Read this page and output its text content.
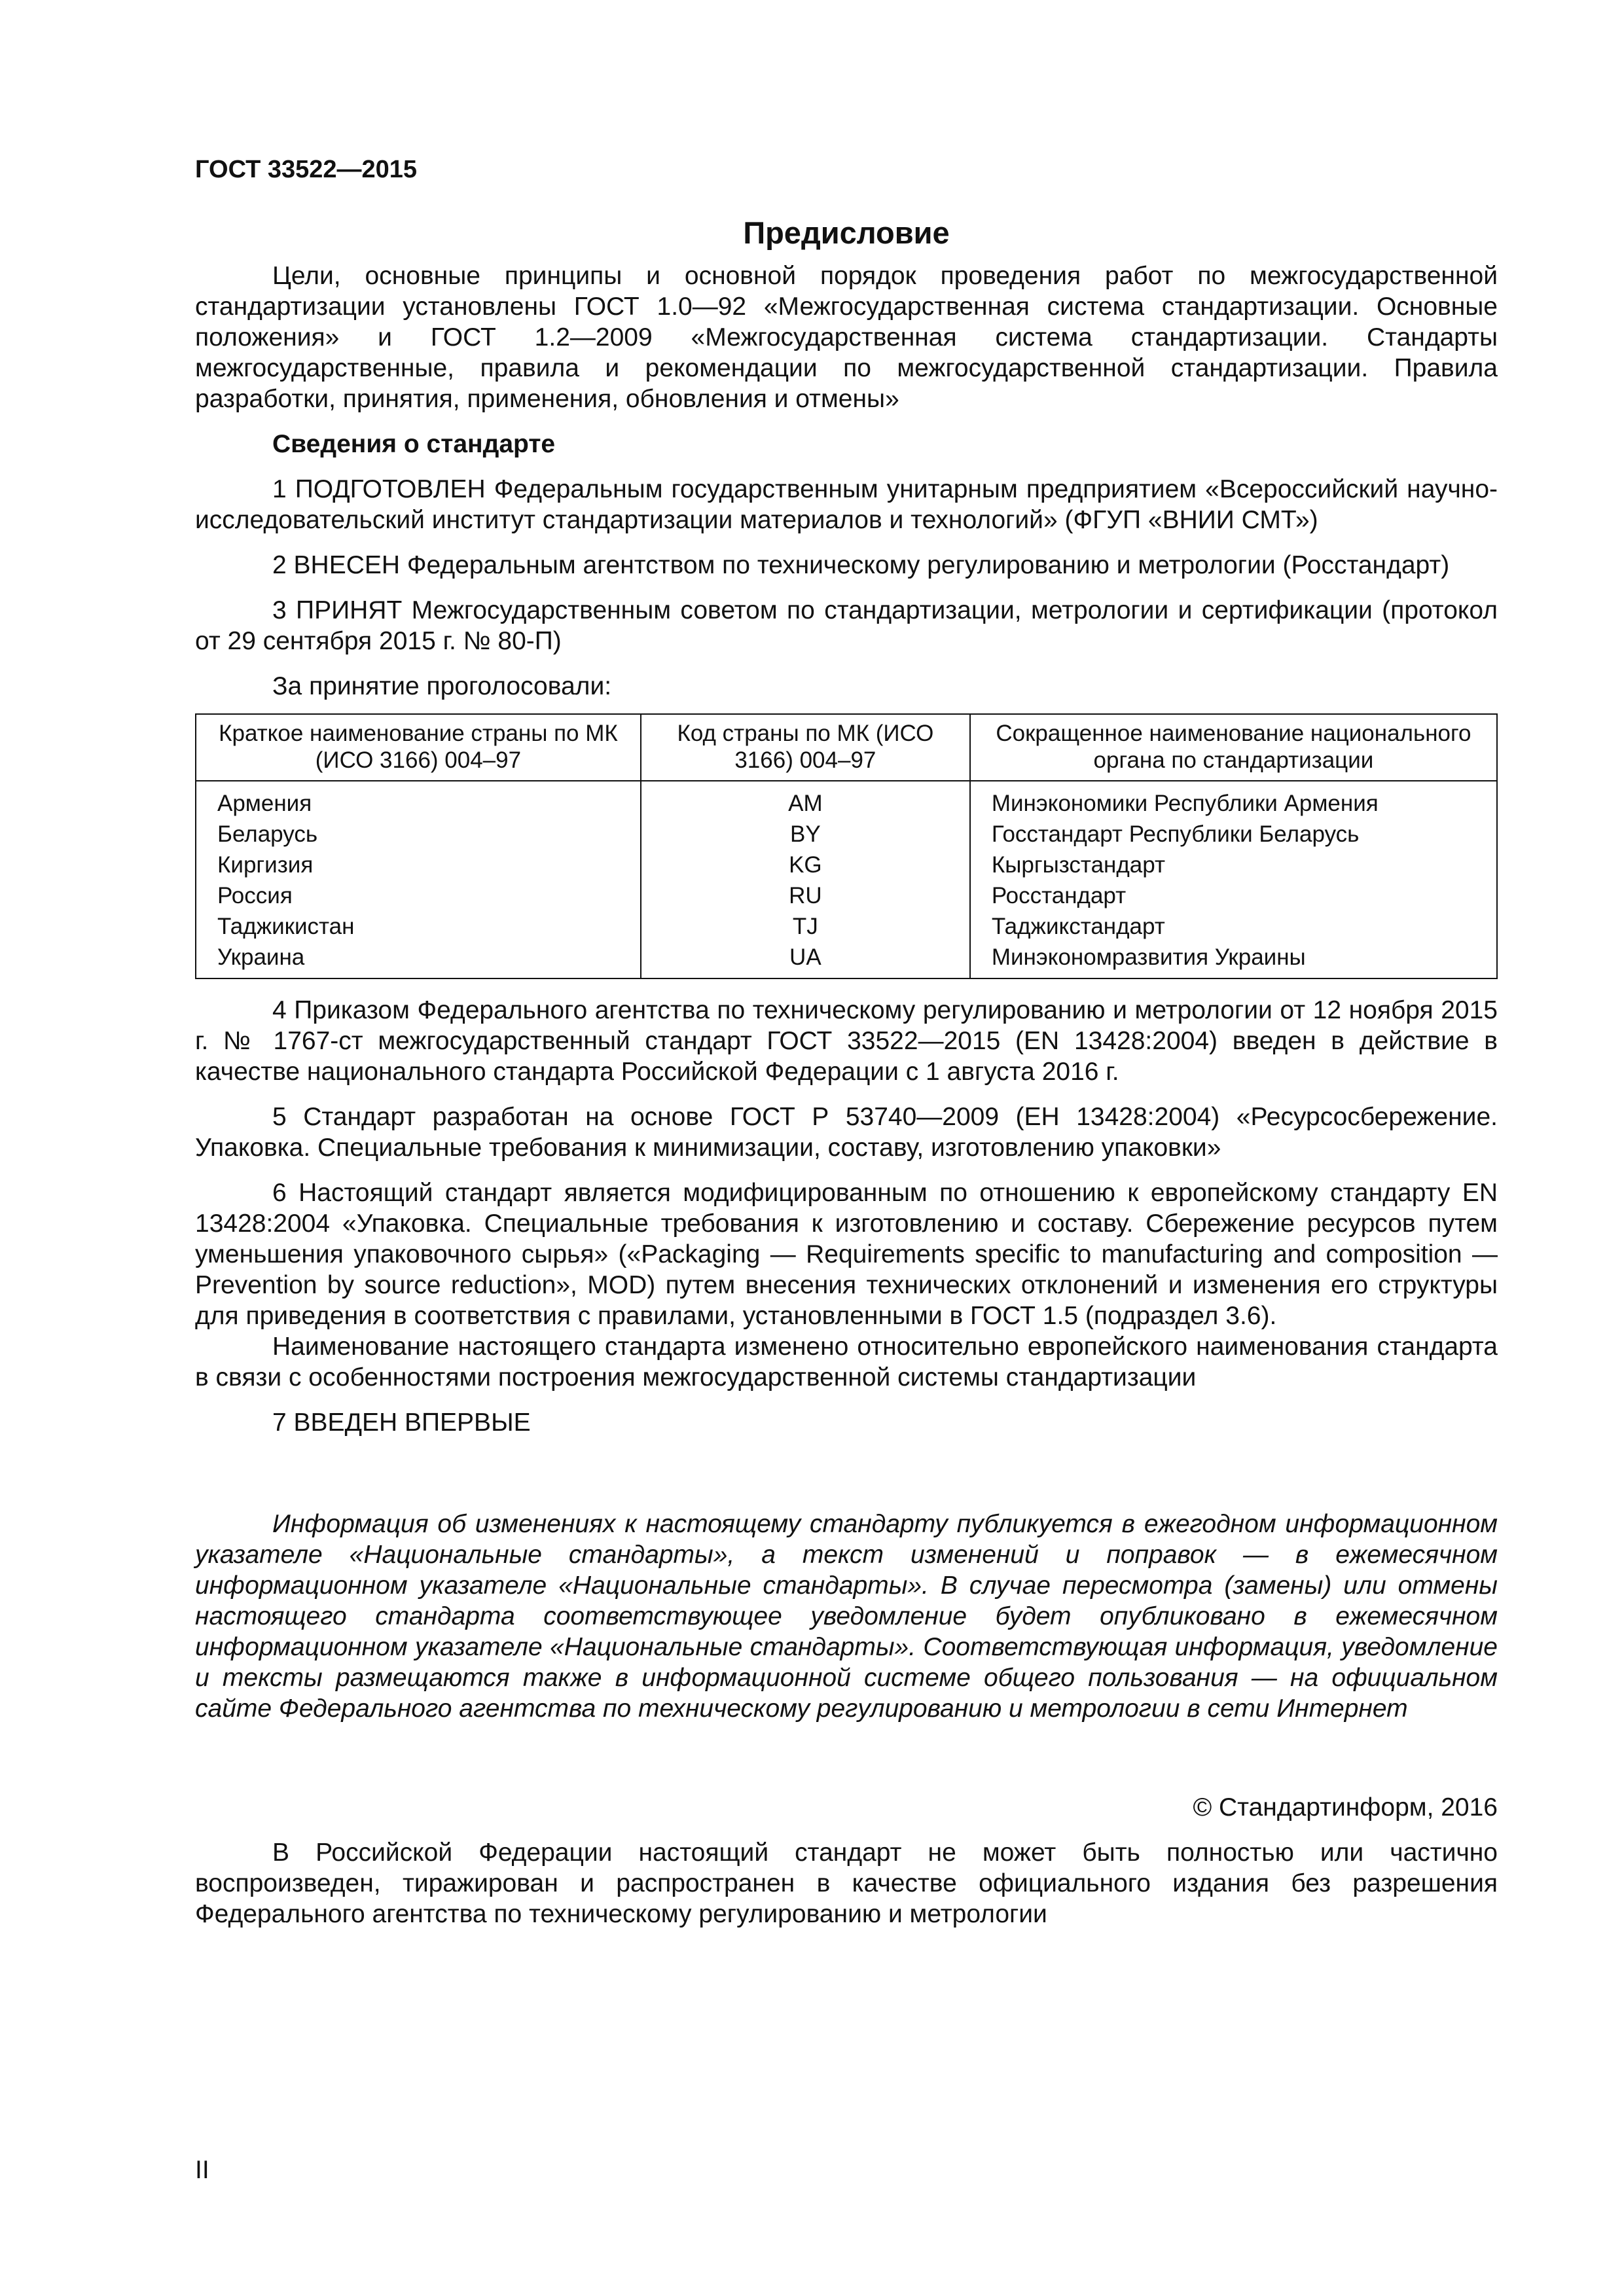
ГОСТ 33522—2015
Предисловие

Цели, основные принципы и основной порядок проведения работ по межгосударственной стандартизации установлены ГОСТ 1.0—92 «Межгосударственная система стандартизации. Основные положения» и ГОСТ 1.2—2009 «Межгосударственная система стандартизации. Стандарты межгосударственные, правила и рекомендации по межгосударственной стандартизации. Правила разработки, принятия, применения, обновления и отмены»

Сведения о стандарте

1 ПОДГОТОВЛЕН Федеральным государственным унитарным предприятием «Всероссийский научно-исследовательский институт стандартизации материалов и технологий» (ФГУП «ВНИИ СМТ»)

2 ВНЕСЕН Федеральным агентством по техническому регулированию и метрологии (Росстандарт)

3 ПРИНЯТ Межгосударственным советом по стандартизации, метрологии и сертификации (протокол от 29 сентября 2015 г. № 80-П)

За принятие проголосовали:

Краткое наименование страны по МК (ИСО 3166) 004–97	Код страны по МК (ИСО 3166) 004–97	Сокращенное наименование национального органа по стандартизации
Армения	AM	Минэкономики Республики Армения
Беларусь	BY	Госстандарт Республики Беларусь
Киргизия	KG	Кыргызстандарт
Россия	RU	Росстандарт
Таджикистан	TJ	Таджикстандарт
Украина	UA	Минэкономразвития Украины

4 Приказом Федерального агентства по техническому регулированию и метрологии от 12 ноября 2015 г. № 1767-ст межгосударственный стандарт ГОСТ 33522—2015 (EN 13428:2004) введен в действие в качестве национального стандарта Российской Федерации с 1 августа 2016 г.

5 Стандарт разработан на основе ГОСТ Р 53740—2009 (ЕН 13428:2004) «Ресурсосбережение. Упаковка. Специальные требования к минимизации, составу, изготовлению упаковки»

6 Настоящий стандарт является модифицированным по отношению к европейскому стандарту EN 13428:2004 «Упаковка. Специальные требования к изготовлению и составу. Сбережение ресурсов путем уменьшения упаковочного сырья» («Packaging — Requirements specific to manufacturing and composition — Prevention by source reduction», MOD) путем внесения технических отклонений и изменения его структуры для приведения в соответствия с правилами, установленными в ГОСТ 1.5 (подраздел 3.6).

Наименование настоящего стандарта изменено относительно европейского наименования стандарта в связи с особенностями построения межгосударственной системы стандартизации

7 ВВЕДЕН ВПЕРВЫЕ

Информация об изменениях к настоящему стандарту публикуется в ежегодном информационном указателе «Национальные стандарты», а текст изменений и поправок — в ежемесячном информационном указателе «Национальные стандарты». В случае пересмотра (замены) или отмены настоящего стандарта соответствующее уведомление будет опубликовано в ежемесячном информационном указателе «Национальные стандарты». Соответствующая информация, уведомление и тексты размещаются также в информационной системе общего пользования — на официальном сайте Федерального агентства по техническому регулированию и метрологии в сети Интернет

© Стандартинформ, 2016

В Российской Федерации настоящий стандарт не может быть полностью или частично воспроизведен, тиражирован и распространен в качестве официального издания без разрешения Федерального агентства по техническому регулированию и метрологии

II
